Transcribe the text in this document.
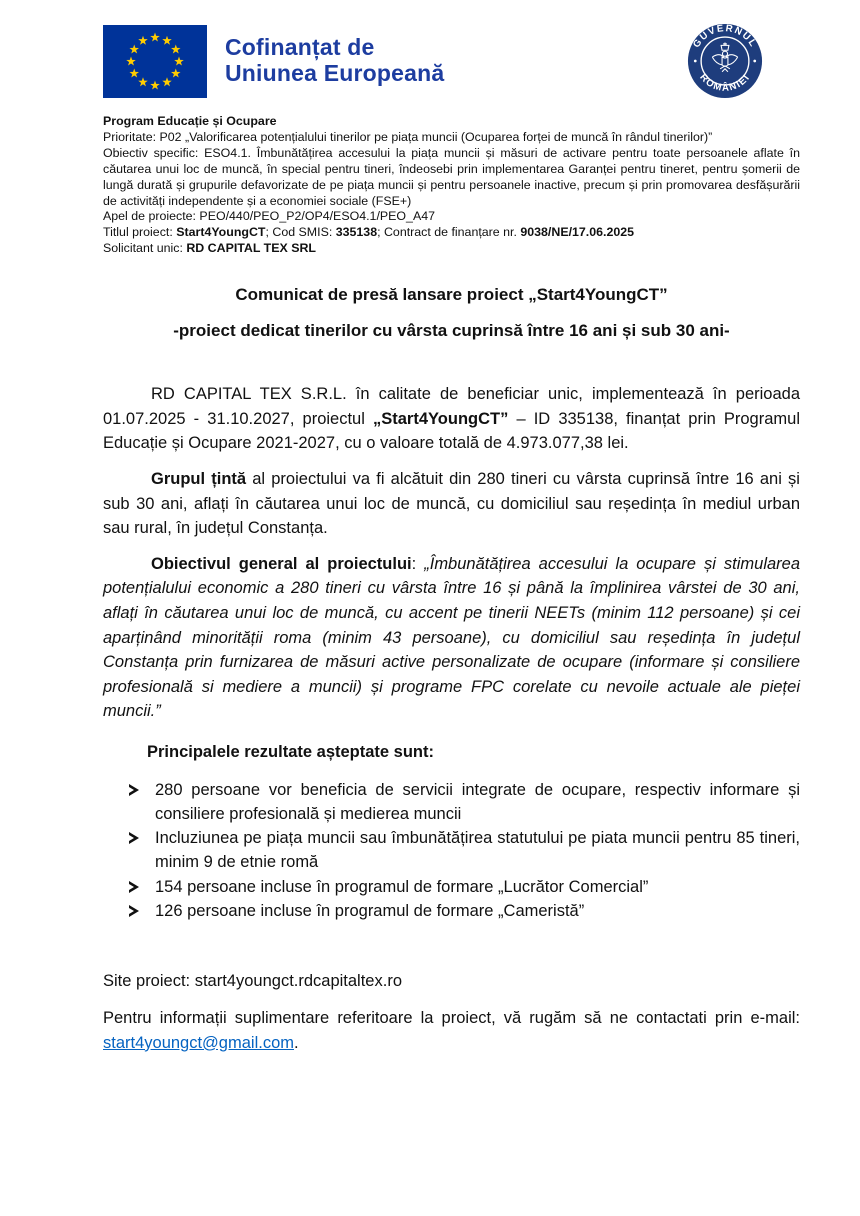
Cofinanțat de
Uniunea Europeană
GUVERNUL
ROMÂNIEI

Program Educație și Ocupare

Prioritate: P02 „Valorificarea potențialului tinerilor pe piața muncii (Ocuparea forței de muncă în rândul tinerilor)”

Obiectiv specific: ESO4.1. Îmbunătățirea accesului la piața muncii și măsuri de activare pentru toate persoanele aflate în căutarea unui loc de muncă, în special pentru tineri, îndeosebi prin implementarea Garanței pentru tineret, pentru șomerii de lungă durată și grupurile defavorizate de pe piața muncii și pentru persoanele inactive, precum și prin promovarea desfășurării de activități independente și a economiei sociale (FSE+)

Apel de proiecte: PEO/440/PEO_P2/OP4/ESO4.1/PEO_A47

Titlul proiect: Start4YoungCT; Cod SMIS: 335138; Contract de finanțare nr. 9038/NE/17.06.2025

Solicitant unic: RD CAPITAL TEX SRL

Comunicat de presă lansare proiect „Start4YoungCT”
-proiect dedicat tinerilor cu vârsta cuprinsă între 16 ani și sub 30 ani-

RD CAPITAL TEX S.R.L. în calitate de beneficiar unic, implementează în perioada 01.07.2025 - 31.10.2027, proiectul „Start4YoungCT” – ID 335138, finanțat prin Programul Educație și Ocupare 2021-2027, cu o valoare totală de 4.973.077,38 lei.

Grupul țintă al proiectului va fi alcătuit din 280 tineri cu vârsta cuprinsă între 16 ani și sub 30 ani, aflați în căutarea unui loc de muncă, cu domiciliul sau reședința în mediul urban sau rural, în județul Constanța.

Obiectivul general al proiectului: „Îmbunătățirea accesului la ocupare și stimularea potențialului economic a 280 tineri cu vârsta între 16 și până la împlinirea vârstei de 30 ani, aflați în căutarea unui loc de muncă, cu accent pe tinerii NEETs (minim 112 persoane) și cei aparținând minorității roma (minim 43 persoane), cu domiciliul sau reședința în județul Constanța prin furnizarea de măsuri active personalizate de ocupare (informare și consiliere profesională si mediere a muncii) și programe FPC corelate cu nevoile actuale ale pieței muncii.”

Principalele rezultate așteptate sunt:
280 persoane vor beneficia de servicii integrate de ocupare, respectiv informare și consiliere profesională și medierea muncii
Incluziunea pe piața muncii sau îmbunătățirea statutului pe piata muncii pentru 85 tineri, minim 9 de etnie romă
154 persoane incluse în programul de formare „Lucrător Comercial”
126 persoane incluse în programul de formare „Cameristă”

Site proiect: start4youngct.rdcapitaltex.ro

Pentru informații suplimentare referitoare la proiect, vă rugăm să ne contactati prin e-mail: start4youngct@gmail.com.
